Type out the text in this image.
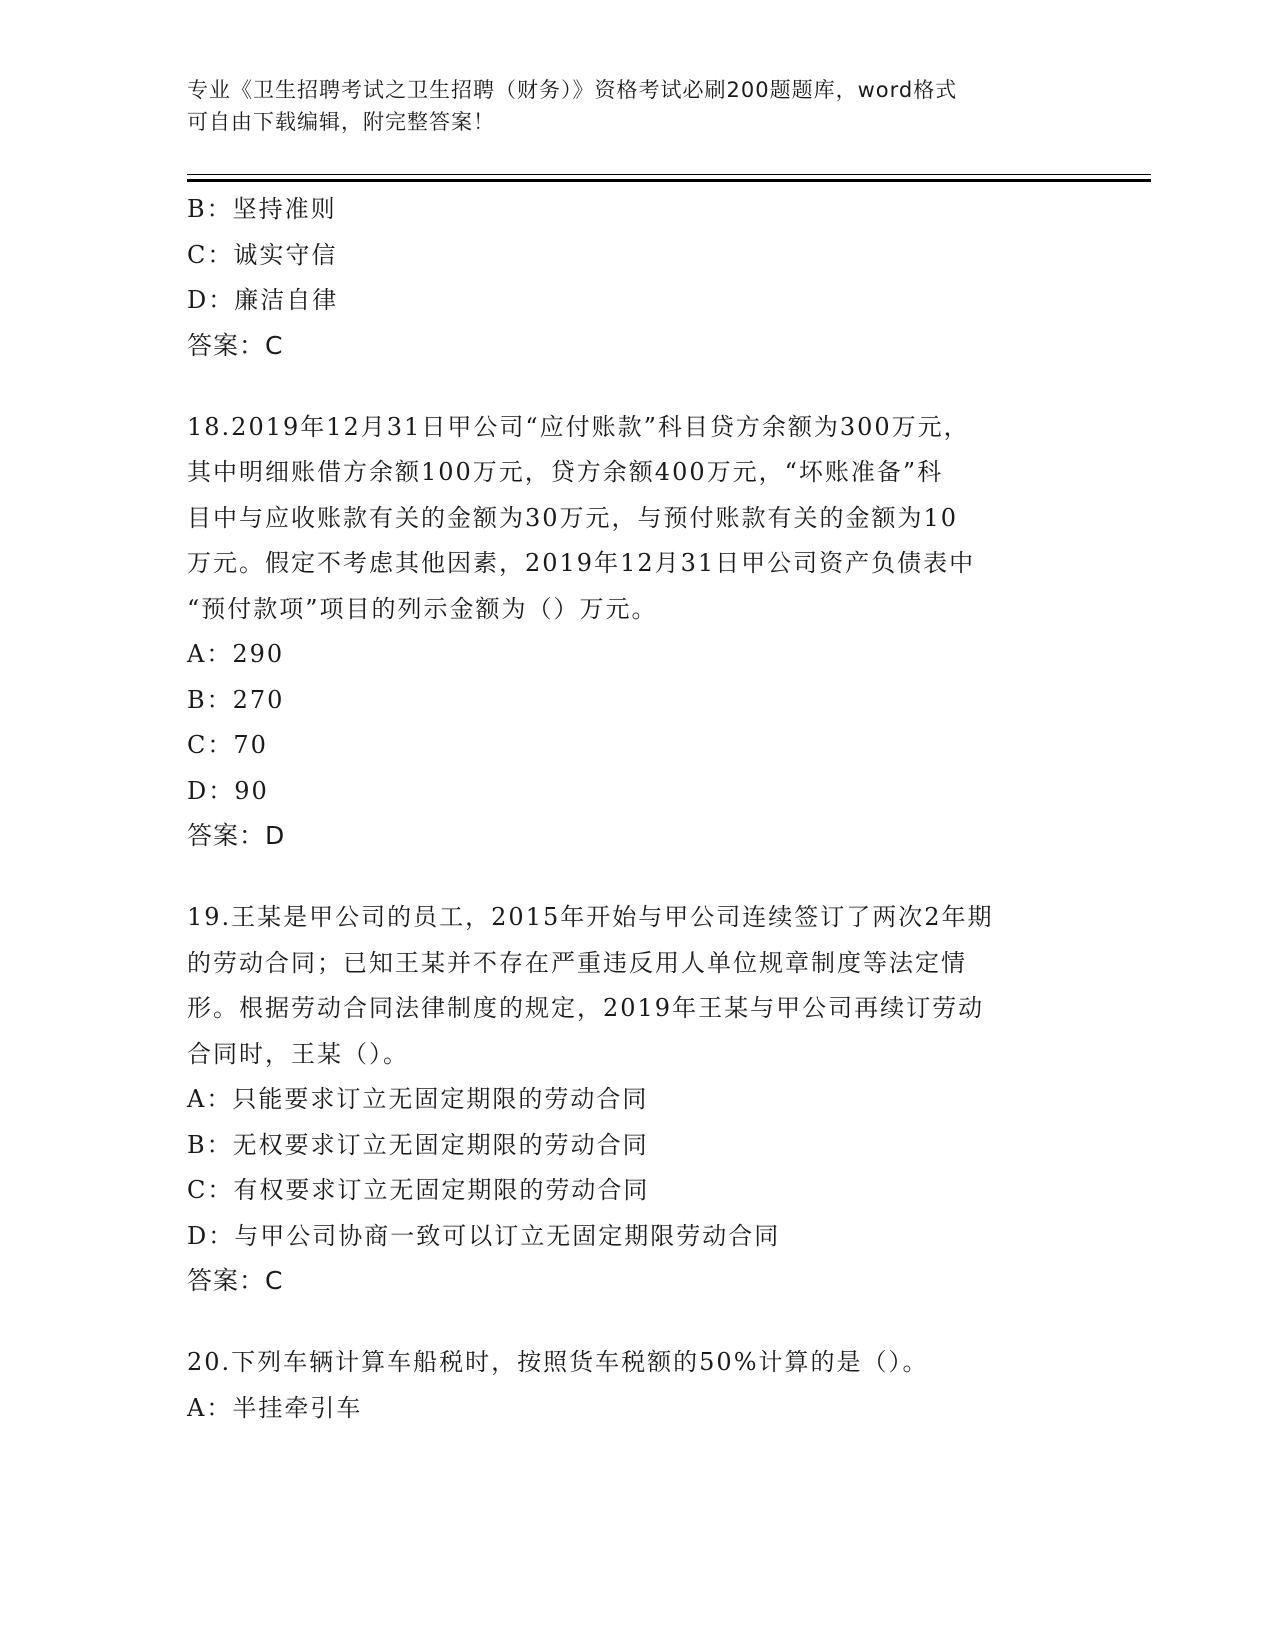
专业《卫生招聘考试之卫生招聘（财务）》资格考试必刷200题题库，word格式
可自由下载编辑，附完整答案！
B：坚持准则
C：诚实守信
D：廉洁自律
答案：C
18.2019年12月31日甲公司“应付账款”科目贷方余额为300万元，
其中明细账借方余额100万元，贷方余额400万元，“坏账准备”科
目中与应收账款有关的金额为30万元，与预付账款有关的金额为10
万元。假定不考虑其他因素，2019年12月31日甲公司资产负债表中
“预付款项”项目的列示金额为（）万元。
A：290
B：270
C：70
D：90
答案：D
19.王某是甲公司的员工，2015年开始与甲公司连续签订了两次2年期
的劳动合同；已知王某并不存在严重违反用人单位规章制度等法定情
形。根据劳动合同法律制度的规定，2019年王某与甲公司再续订劳动
合同时，王某（）。
A：只能要求订立无固定期限的劳动合同
B：无权要求订立无固定期限的劳动合同
C：有权要求订立无固定期限的劳动合同
D：与甲公司协商一致可以订立无固定期限劳动合同
答案：C
20.下列车辆计算车船税时，按照货车税额的50%计算的是（）。
A：半挂牵引车
